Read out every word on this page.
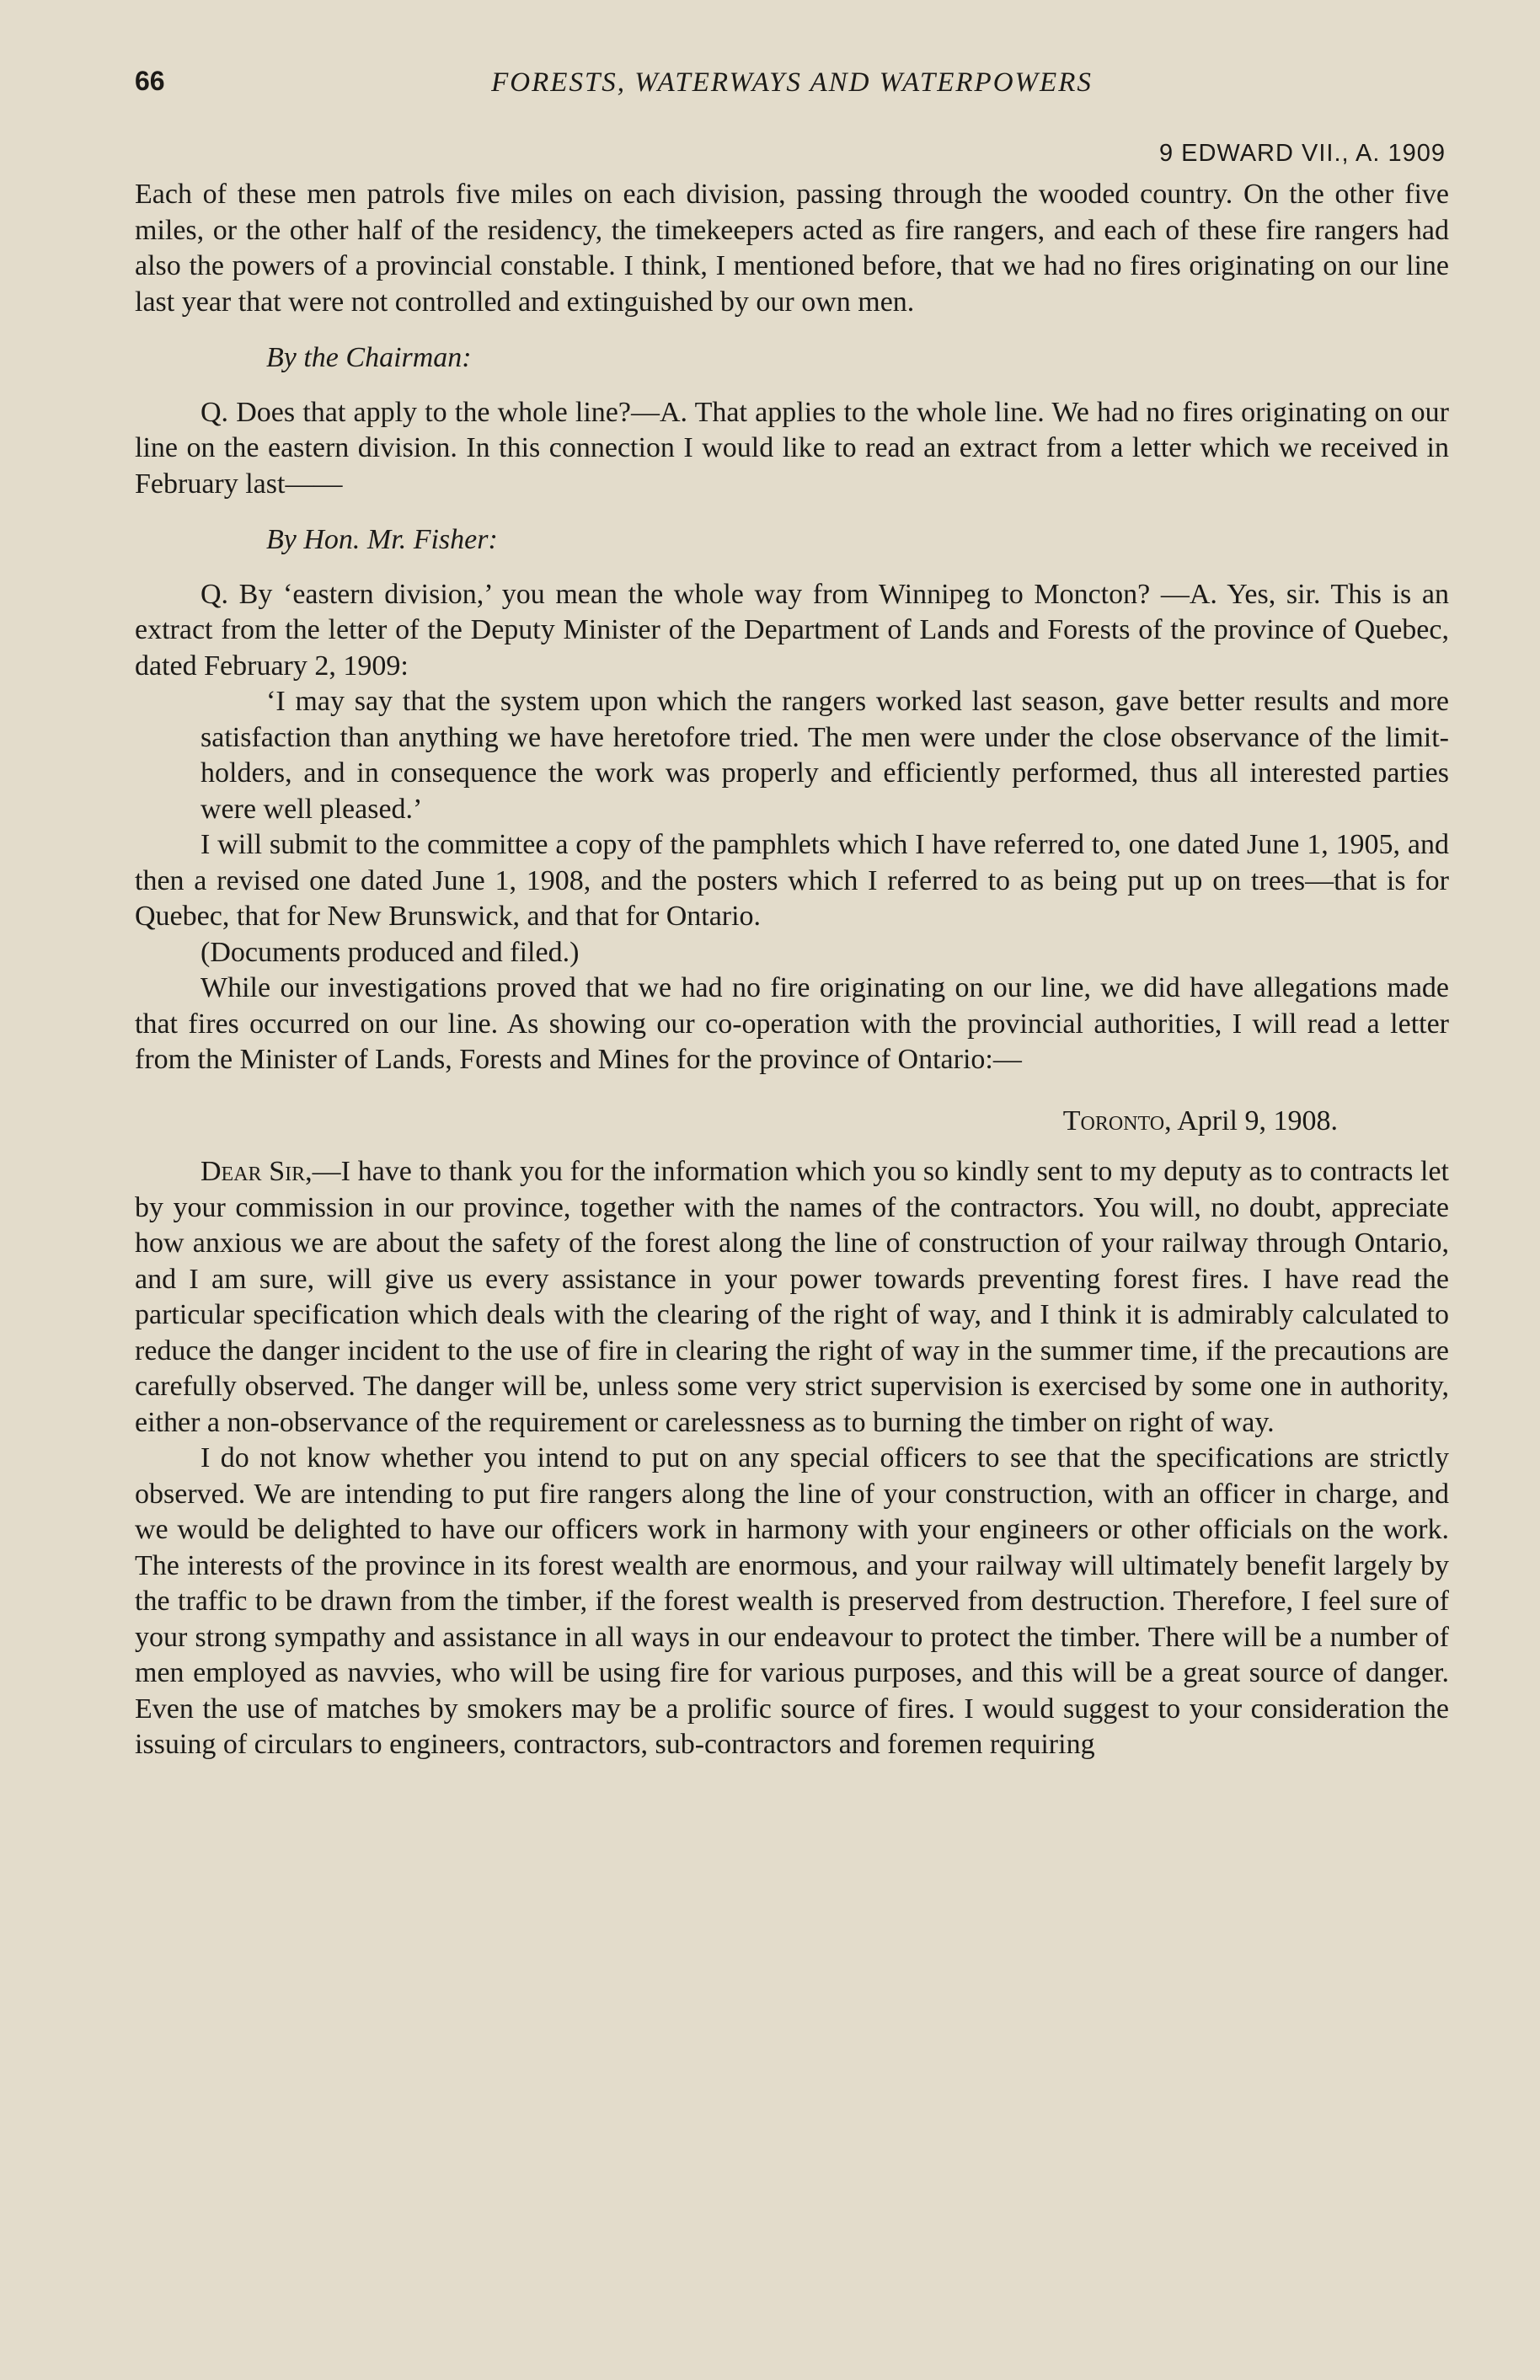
66	FORESTS, WATERWAYS AND WATERPOWERS
9 EDWARD VII., A. 1909

Each of these men patrols five miles on each division, passing through the wooded country. On the other five miles, or the other half of the residency, the timekeepers acted as fire rangers, and each of these fire rangers had also the powers of a provincial constable. I think, I mentioned before, that we had no fires originating on our line last year that were not controlled and extinguished by our own men.

By the Chairman:

Q. Does that apply to the whole line?—A. That applies to the whole line. We had no fires originating on our line on the eastern division. In this connection I would like to read an extract from a letter which we received in February last——

By Hon. Mr. Fisher:

Q. By ‘eastern division,’ you mean the whole way from Winnipeg to Moncton? —A. Yes, sir. This is an extract from the letter of the Deputy Minister of the Department of Lands and Forests of the province of Quebec, dated February 2, 1909:

‘I may say that the system upon which the rangers worked last season, gave better results and more satisfaction than anything we have heretofore tried. The men were under the close observance of the limit-holders, and in consequence the work was properly and efficiently performed, thus all interested parties were well pleased.’

I will submit to the committee a copy of the pamphlets which I have referred to, one dated June 1, 1905, and then a revised one dated June 1, 1908, and the posters which I referred to as being put up on trees—that is for Quebec, that for New Brunswick, and that for Ontario.

(Documents produced and filed.)

While our investigations proved that we had no fire originating on our line, we did have allegations made that fires occurred on our line. As showing our co-operation with the provincial authorities, I will read a letter from the Minister of Lands, Forests and Mines for the province of Ontario:—

Toronto, April 9, 1908.

Dear Sir,—I have to thank you for the information which you so kindly sent to my deputy as to contracts let by your commission in our province, together with the names of the contractors. You will, no doubt, appreciate how anxious we are about the safety of the forest along the line of construction of your railway through Ontario, and I am sure, will give us every assistance in your power towards preventing forest fires. I have read the particular specification which deals with the clearing of the right of way, and I think it is admirably calculated to reduce the danger incident to the use of fire in clearing the right of way in the summer time, if the precautions are carefully observed. The danger will be, unless some very strict supervision is exercised by some one in authority, either a non-observance of the requirement or carelessness as to burning the timber on right of way.

I do not know whether you intend to put on any special officers to see that the specifications are strictly observed. We are intending to put fire rangers along the line of your construction, with an officer in charge, and we would be delighted to have our officers work in harmony with your engineers or other officials on the work. The interests of the province in its forest wealth are enormous, and your railway will ultimately benefit largely by the traffic to be drawn from the timber, if the forest wealth is preserved from destruction. Therefore, I feel sure of your strong sympathy and assistance in all ways in our endeavour to protect the timber. There will be a number of men employed as navvies, who will be using fire for various purposes, and this will be a great source of danger. Even the use of matches by smokers may be a prolific source of fires. I would suggest to your consideration the issuing of circulars to engineers, contractors, sub-contractors and foremen requiring
